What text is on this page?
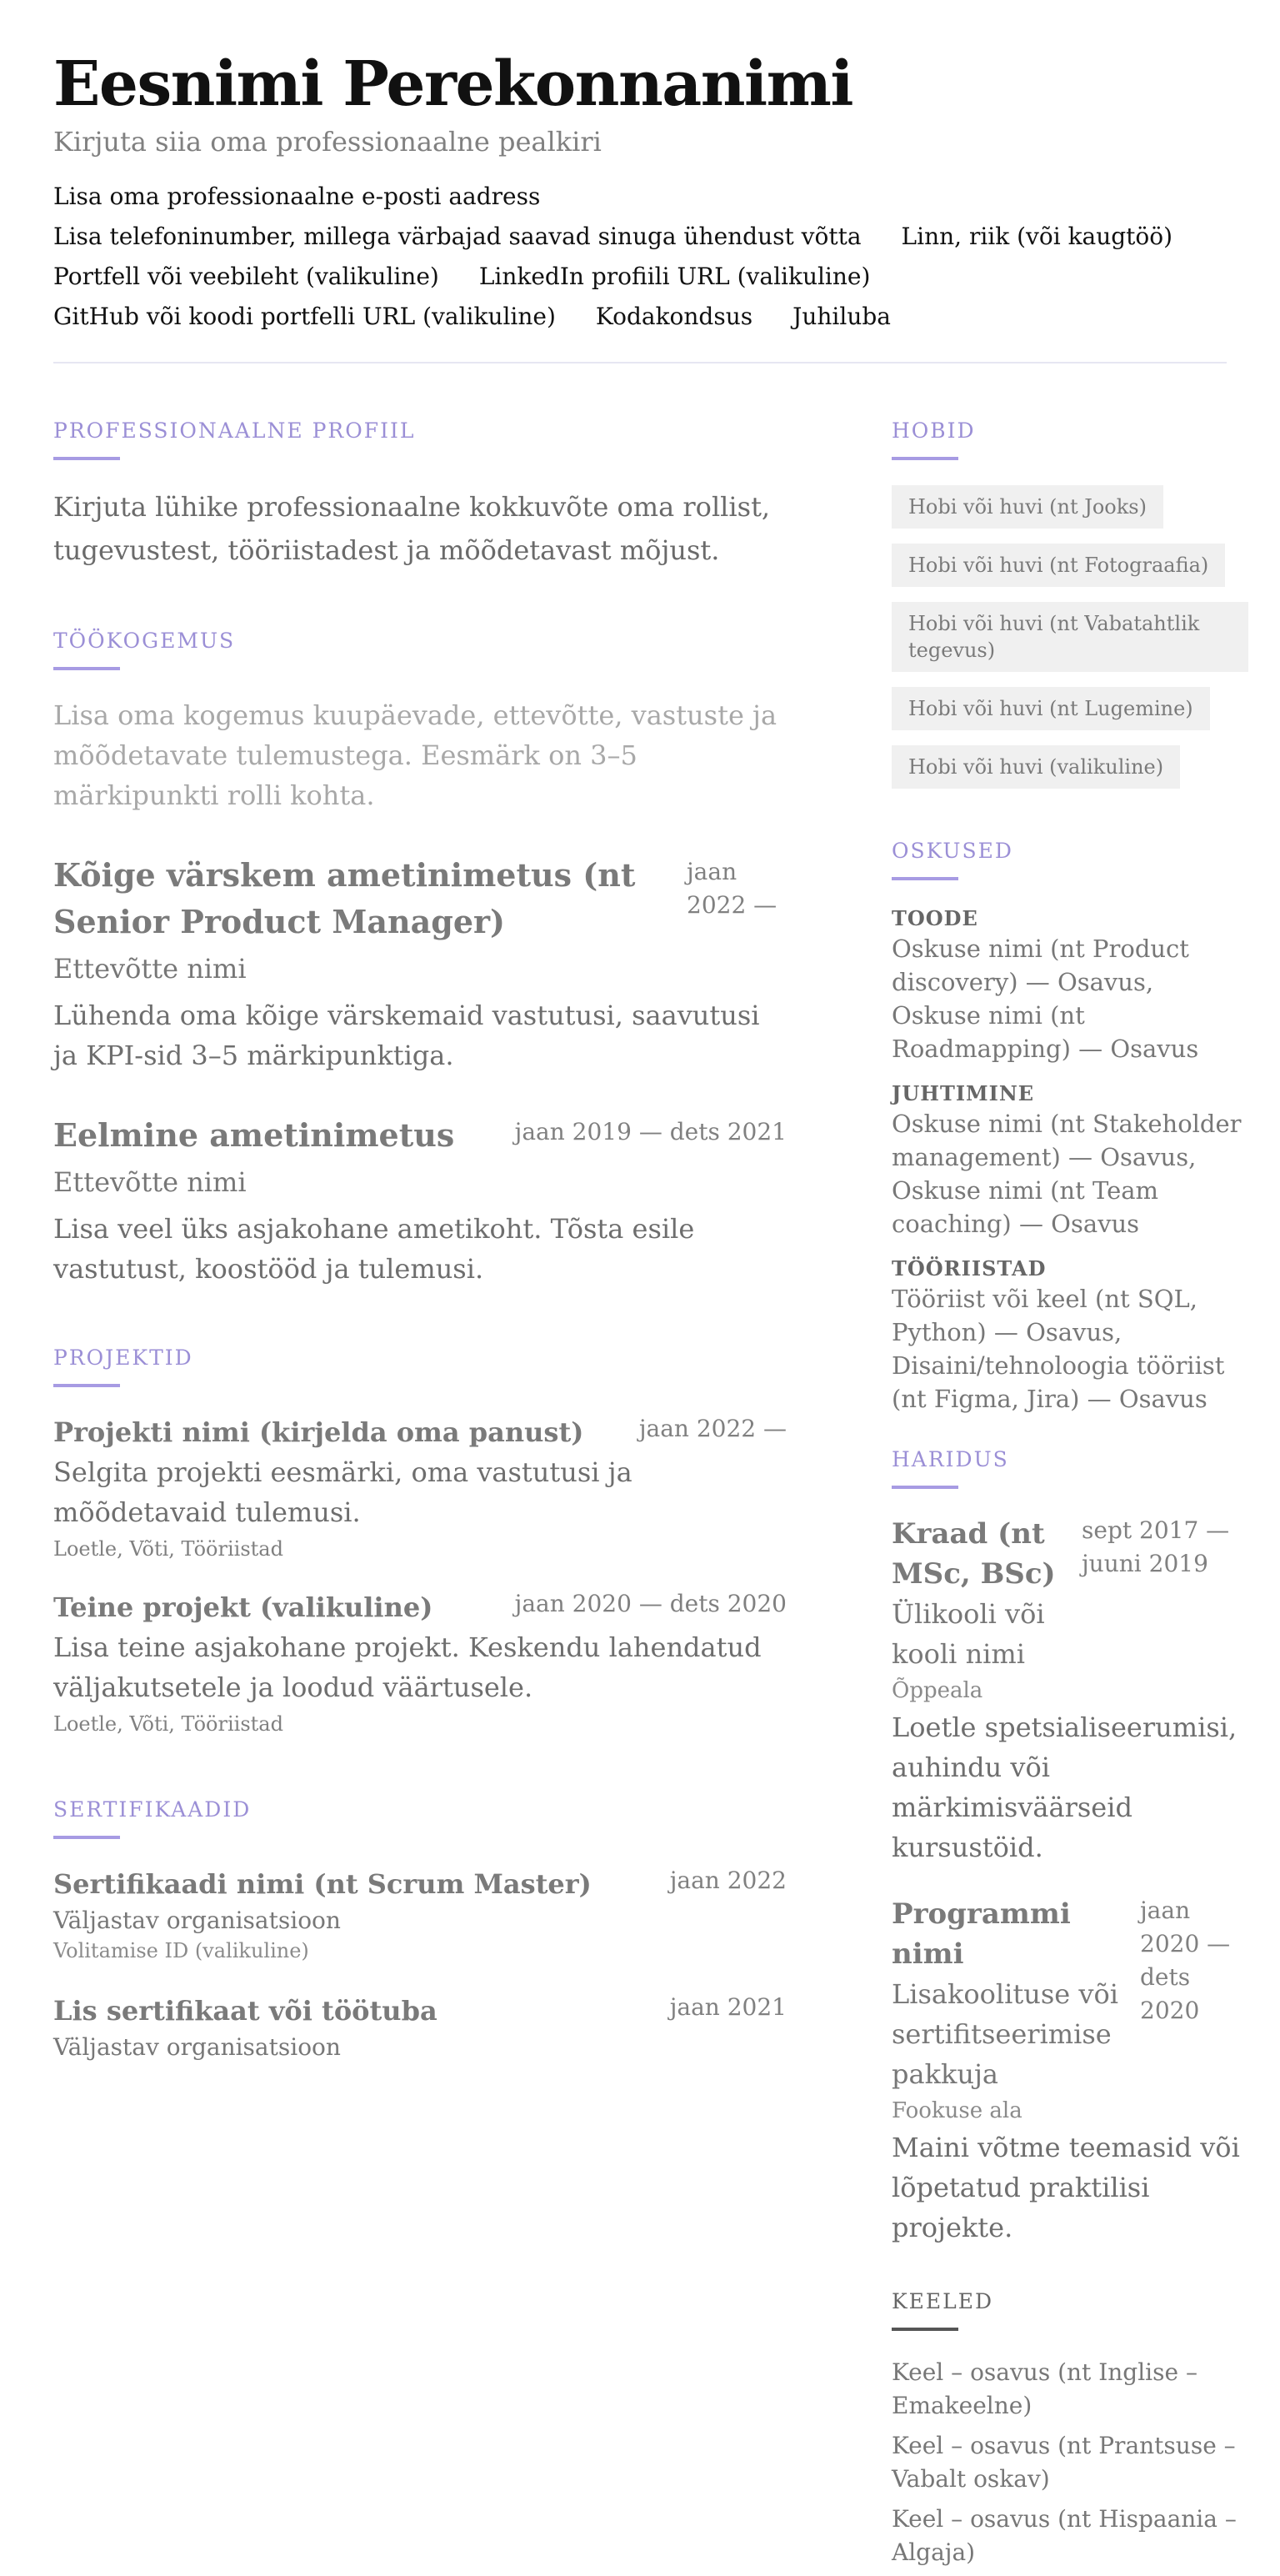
Eesnimi Perekonnanimi
Kirjuta siia oma professionaalne pealkiri
Lisa oma professionaalne e-posti aadress
Lisa telefoninumber, millega värbajad saavad sinuga ühendust võtta Linn, riik (või kaugtöö)
Portfell või veebileht (valikuline) LinkedIn profiili URL (valikuline)
GitHub või koodi portfelli URL (valikuline) Kodakondsus Juhiluba
PROFESSIONAALNE PROFIIL
Kirjuta lühike professionaalne kokkuvõte oma rollist, tugevustest, tööriistadest ja mõõdetavast mõjust.
TÖÖKOGEMUS
Lisa oma kogemus kuupäevade, ettevõtte, vastuste ja mõõdetavate tulemustega. Eesmärk on 3–5 märkipunkti rolli kohta.
Kõige värskem ametinimetus (nt Senior Product Manager)
jaan 2022 —
Ettevõtte nimi
Lühenda oma kõige värskemaid vastutusi, saavutusi ja KPI-sid 3–5 märkipunktiga.
Eelmine ametinimetus	jaan 2019 — dets 2021
Ettevõtte nimi
Lisa veel üks asjakohane ametikoht. Tõsta esile vastutust, koostööd ja tulemusi.
PROJEKTID
Projekti nimi (kirjelda oma panust) jaan 2022 —
Selgita projekti eesmärki, oma vastutusi ja mõõdetavaid tulemusi.
Loetle, Võti, Tööriistad
Teine projekt (valikuline)	jaan 2020 — dets 2020
Lisa teine asjakohane projekt. Keskendu lahendatud väljakutsetele ja loodud väärtusele.
Loetle, Võti, Tööriistad
SERTIFIKAADID
Sertifikaadi nimi (nt Scrum Master)	jaan 2022
Väljastav organisatsioon
Volitamise ID (valikuline)
Lis sertifikaat või töötuba	jaan 2021
Väljastav organisatsioon
HOBID
Hobi või huvi (nt Jooks)
Hobi või huvi (nt Fotograafia)
Hobi või huvi (nt Vabatahtlik tegevus)
Hobi või huvi (nt Lugemine)
Hobi või huvi (valikuline)
OSKUSED
TOODE
Oskuse nimi (nt Product discovery) — Osavus, Oskuse nimi (nt Roadmapping) — Osavus
JUHTIMINE
Oskuse nimi (nt Stakeholder management) — Osavus, Oskuse nimi (nt Team coaching) — Osavus
TÖÖRIISTAD
Tööriist või keel (nt SQL, Python) — Osavus, Disaini/tehnoloogia tööriist (nt Figma, Jira) — Osavus
HARIDUS
Kraad (nt MSc, BSc)
Ülikooli või kooli nimi
sept 2017 — juuni 2019
Õppeala
Loetle spetsialiseerumisi, auhindu või märkimisväärseid kursustöid.
Programmi nimi
Lisakoolituse või sertifitseerimise pakkuja
jaan 2020 — dets 2020
Fookuse ala
Maini võtme teemasid või lõpetatud praktilisi projekte.
KEELED
Keel – osavus (nt Inglise – Emakeelne)
Keel – osavus (nt Prantsuse – Vabalt oskav)
Keel – osavus (nt Hispaania – Algaja)
